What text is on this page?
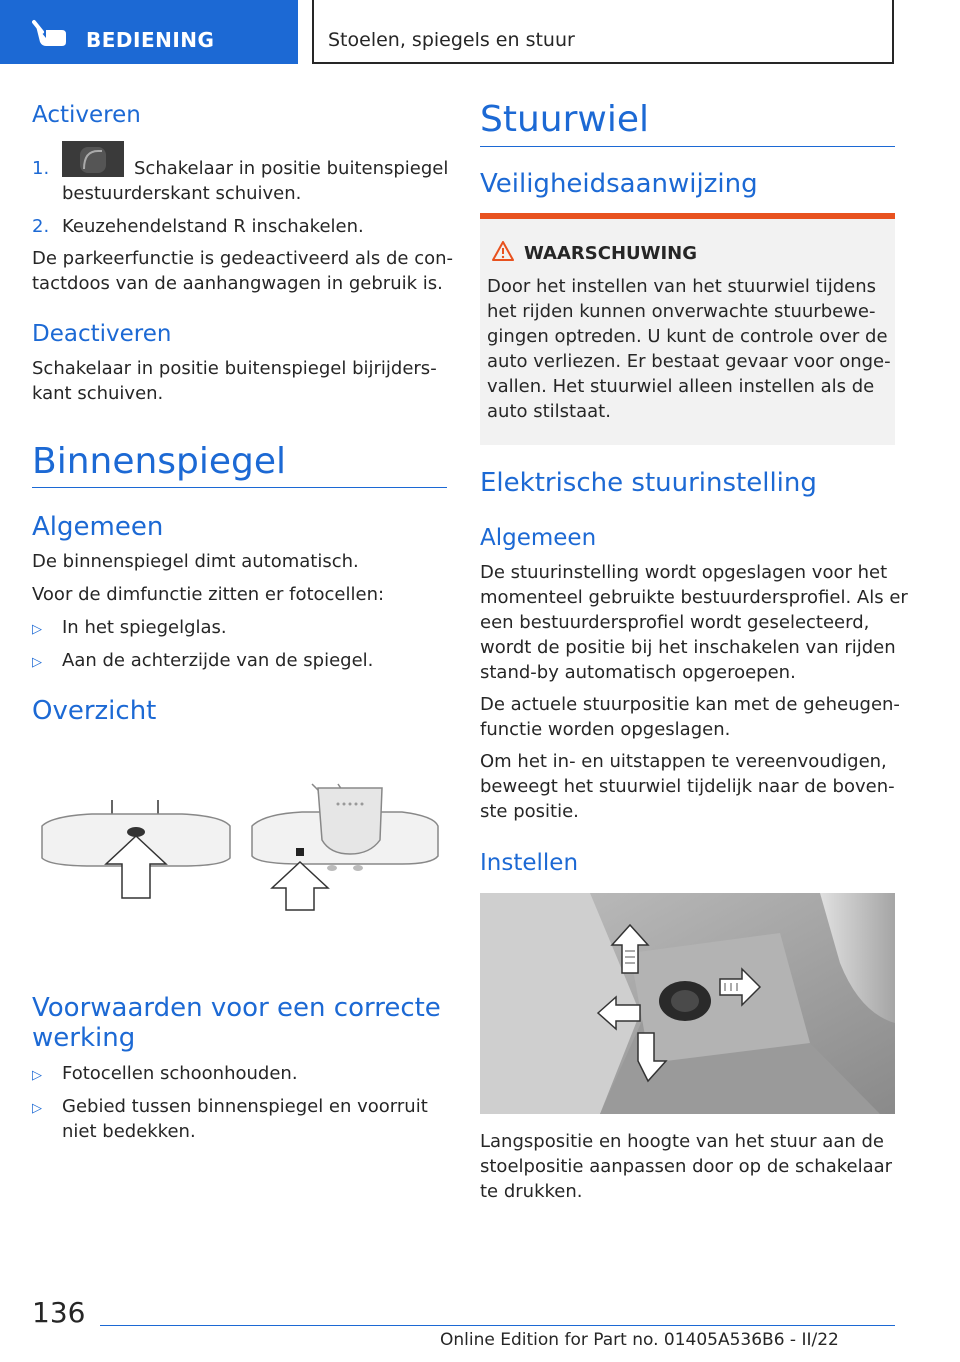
BEDIENING	Stoelen, spiegels en stuur
Activeren
1.	Schakelaar in positie buitenspiegel
bestuurderskant schuiven.
2. Keuzehendelstand R inschakelen.
De parkeerfunctie is gedeactiveerd als de con‐
tactdoos van de aanhangwagen in gebruik is.
Deactiveren
Schakelaar in positie buitenspiegel bijrijders‐
kant schuiven.
Binnenspiegel
Algemeen
De binnenspiegel dimt automatisch.
Voor de dimfunctie zitten er fotocellen:
▷	In het spiegelglas.
▷	Aan de achterzijde van de spiegel.
Overzicht
Voorwaarden voor een correcte
werking
▷	Fotocellen schoonhouden.
▷	Gebied tussen binnenspiegel en voorruit
niet bedekken.
Stuurwiel
Veiligheidsaanwijzing
WAARSCHUWING
Door het instellen van het stuurwiel tijdens
het rijden kunnen onverwachte stuurbewe‐
gingen optreden. U kunt de controle over de
auto verliezen. Er bestaat gevaar voor onge‐
vallen. Het stuurwiel alleen instellen als de
auto stilstaat.
Elektrische stuurinstelling
Algemeen
De stuurinstelling wordt opgeslagen voor het
momenteel gebruikte bestuurdersprofiel. Als er
een bestuurdersprofiel wordt geselecteerd,
wordt de positie bij het inschakelen van rijden
stand-by automatisch opgeroepen.
De actuele stuurpositie kan met de geheugen‐
functie worden opgeslagen.
Om het in- en uitstappen te vereenvoudigen,
beweegt het stuurwiel tijdelijk naar de boven‐
ste positie.
Instellen
Langspositie en hoogte van het stuur aan de
stoelpositie aanpassen door op de schakelaar
te drukken.
136
Online Edition for Part no. 01405A536B6 - II/22
